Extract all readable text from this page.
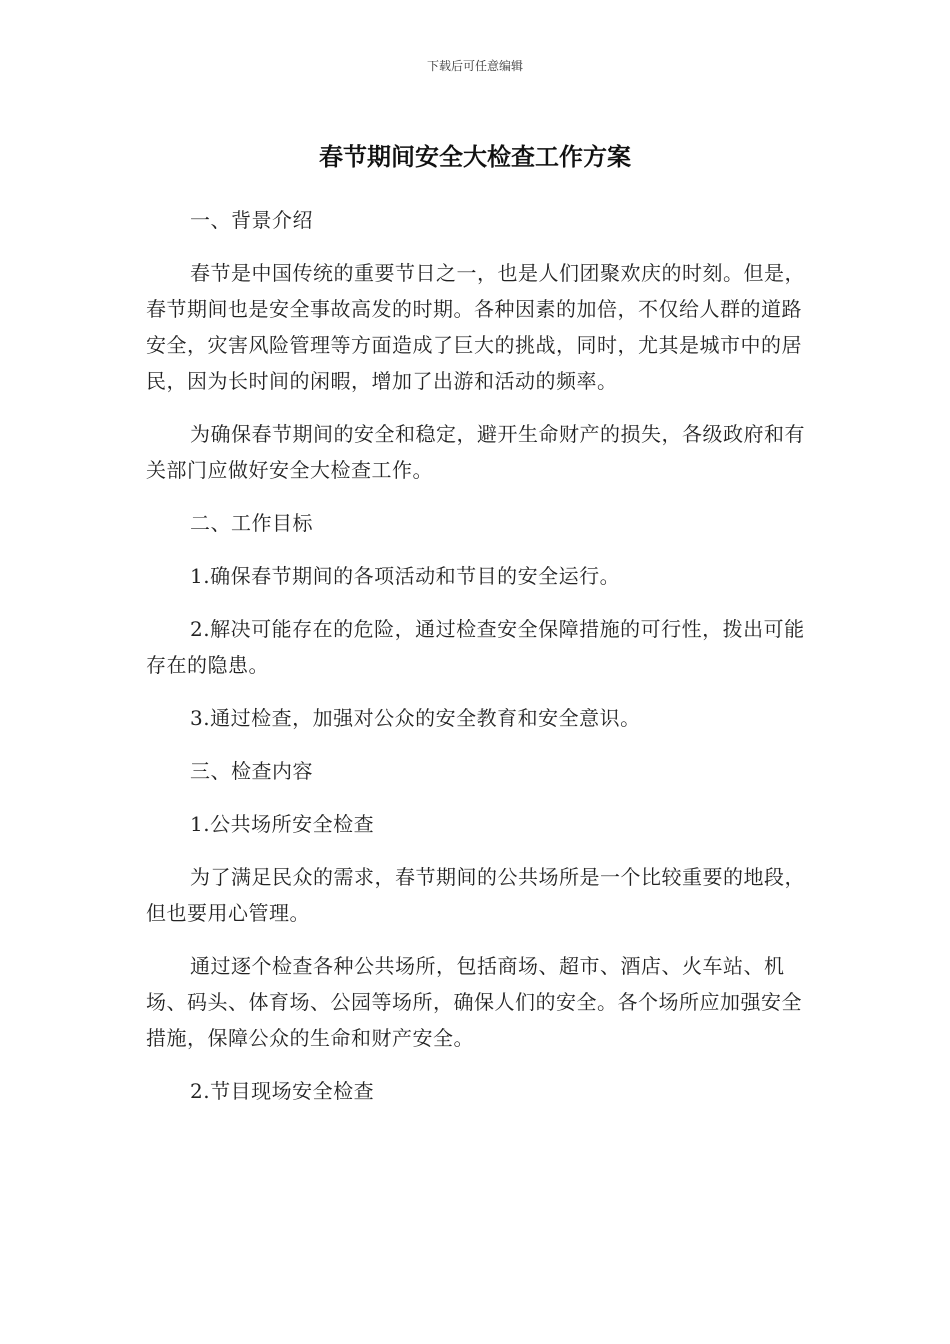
下载后可任意编辑
春节期间安全大检查工作方案

一、背景介绍

春节是中国传统的重要节日之一，也是人们团聚欢庆的时刻。但是，春节期间也是安全事故高发的时期。各种因素的加倍，不仅给人群的道路安全，灾害风险管理等方面造成了巨大的挑战，同时，尤其是城市中的居民，因为长时间的闲暇，增加了出游和活动的频率。

为确保春节期间的安全和稳定，避开生命财产的损失，各级政府和有关部门应做好安全大检查工作。

二、工作目标

1.确保春节期间的各项活动和节目的安全运行。

2.解决可能存在的危险，通过检查安全保障措施的可行性，拨出可能存在的隐患。

3.通过检查，加强对公众的安全教育和安全意识。

三、检查内容

1.公共场所安全检查

为了满足民众的需求，春节期间的公共场所是一个比较重要的地段，但也要用心管理。

通过逐个检查各种公共场所，包括商场、超市、酒店、火车站、机场、码头、体育场、公园等场所，确保人们的安全。各个场所应加强安全措施，保障公众的生命和财产安全。

2.节目现场安全检查
